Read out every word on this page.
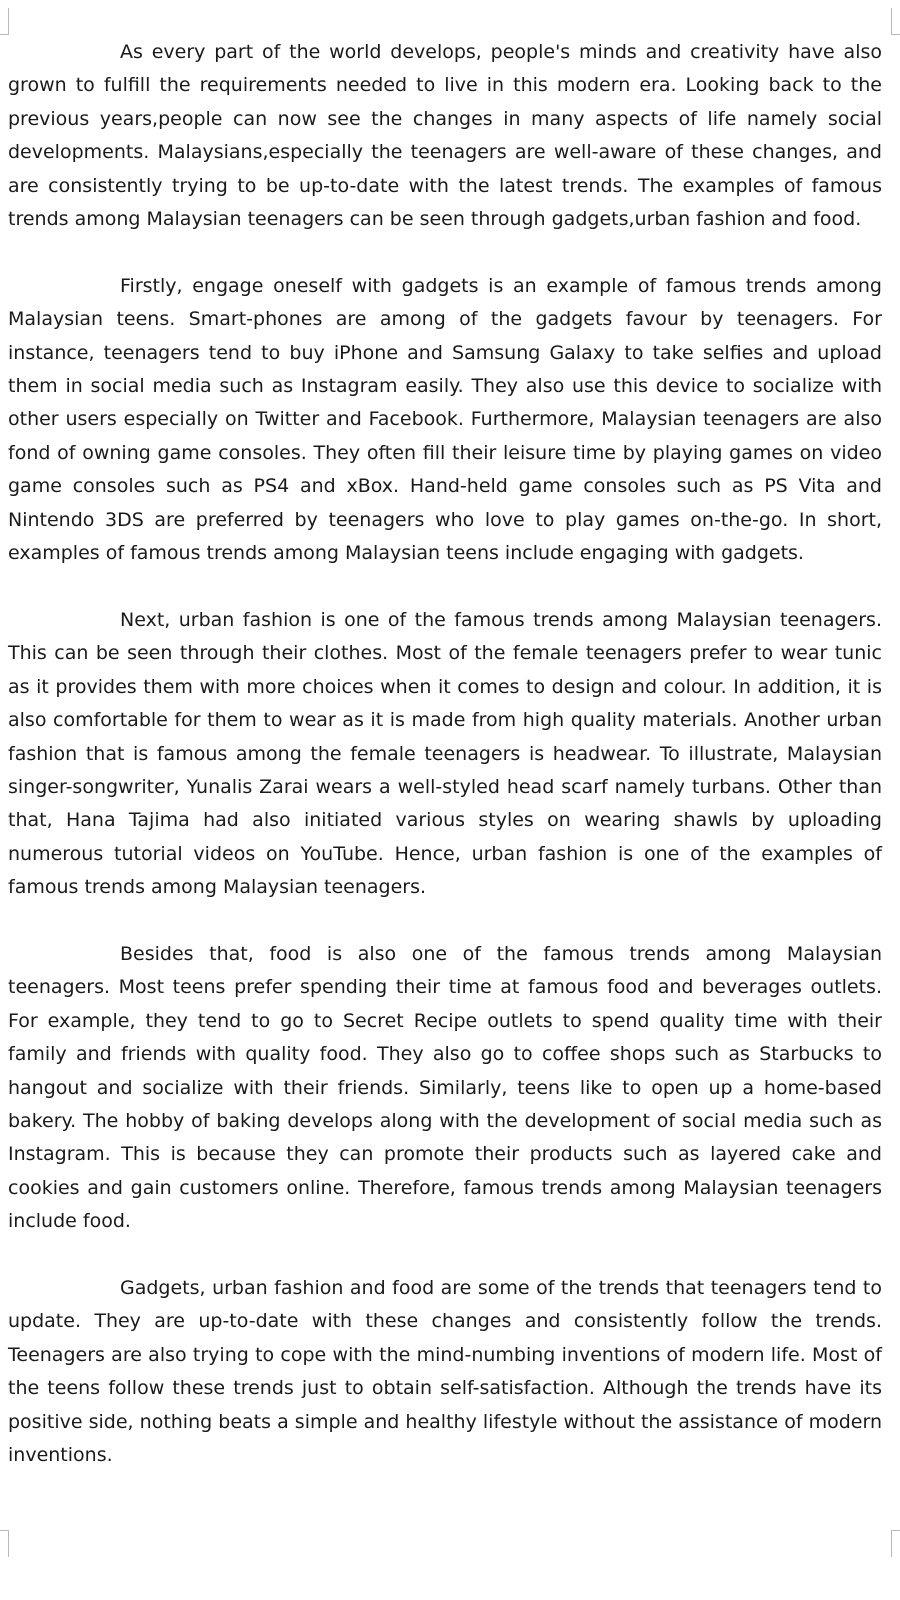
As every part of the world develops, people's minds and creativity have also grown to fulfill the requirements needed to live in this modern era. Looking back to the previous years,people can now see the changes in many aspects of life namely social developments. Malaysians,especially the teenagers are well-aware of these changes, and are consistently trying to be up-to-date with the latest trends. The examples of famous trends among Malaysian teenagers can be seen through gadgets,urban fashion and food.

Firstly, engage oneself with gadgets is an example of famous trends among Malaysian teens. Smart-phones are among of the gadgets favour by teenagers. For instance, teenagers tend to buy iPhone and Samsung Galaxy to take selfies and upload them in social media such as Instagram easily. They also use this device to socialize with other users especially on Twitter and Facebook. Furthermore, Malaysian teenagers are also fond of owning game consoles. They often fill their leisure time by playing games on video game consoles such as PS4 and xBox. Hand-held game consoles such as PS Vita and Nintendo 3DS are preferred by teenagers who love to play games on-the-go. In short, examples of famous trends among Malaysian teens include engaging with gadgets.

Next, urban fashion is one of the famous trends among Malaysian teenagers. This can be seen through their clothes. Most of the female teenagers prefer to wear tunic as it provides them with more choices when it comes to design and colour. In addition, it is also comfortable for them to wear as it is made from high quality materials. Another urban fashion that is famous among the female teenagers is headwear. To illustrate, Malaysian singer-songwriter, Yunalis Zarai wears a well-styled head scarf namely turbans. Other than that, Hana Tajima had also initiated various styles on wearing shawls by uploading numerous tutorial videos on YouTube. Hence, urban fashion is one of the examples of famous trends among Malaysian teenagers.

Besides that, food is also one of the famous trends among Malaysian teenagers. Most teens prefer spending their time at famous food and beverages outlets. For example, they tend to go to Secret Recipe outlets to spend quality time with their family and friends with quality food. They also go to coffee shops such as Starbucks to hangout and socialize with their friends. Similarly, teens like to open up a home-based bakery. The hobby of baking develops along with the development of social media such as Instagram. This is because they can promote their products such as layered cake and cookies and gain customers online. Therefore, famous trends among Malaysian teenagers include food.

Gadgets, urban fashion and food are some of the trends that teenagers tend to update. They are up-to-date with these changes and consistently follow the trends. Teenagers are also trying to cope with the mind-numbing inventions of modern life. Most of the teens follow these trends just to obtain self-satisfaction. Although the trends have its positive side, nothing beats a simple and healthy lifestyle without the assistance of modern inventions.
